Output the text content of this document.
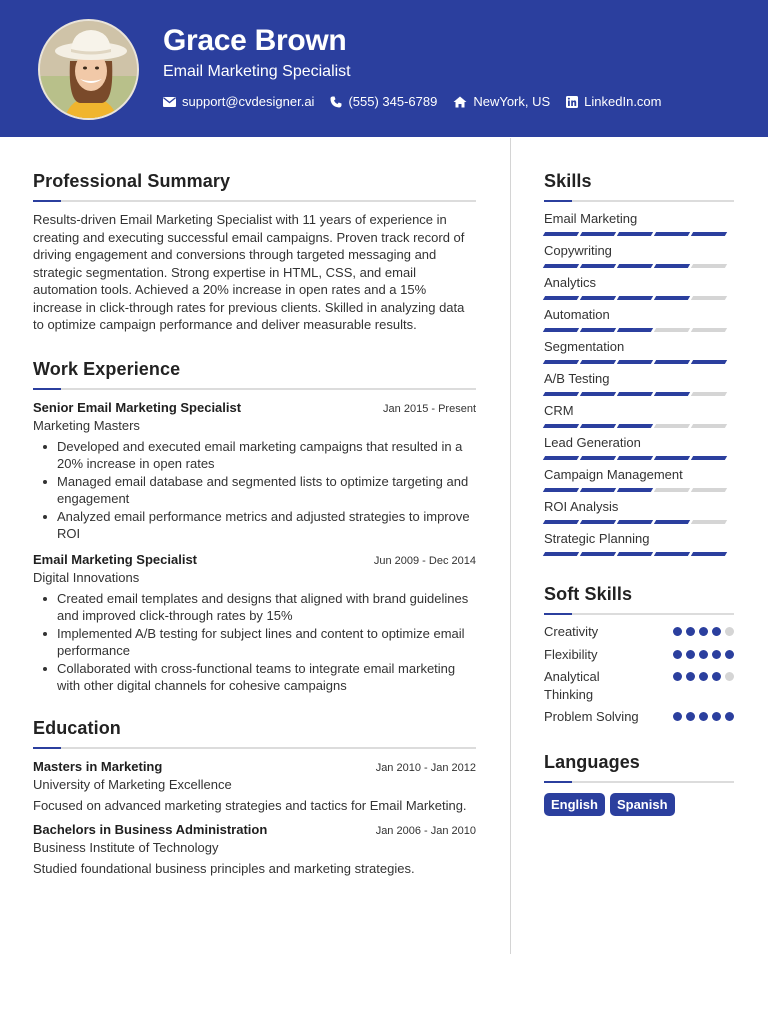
Grace Brown
Email Marketing Specialist
support@cvdesigner.ai	(555) 345-6789	NewYork, US	LinkedIn.com
Professional Summary

Results-driven Email Marketing Specialist with 11 years of experience in creating and executing successful email campaigns. Proven track record of driving engagement and conversions through targeted messaging and strategic segmentation. Strong expertise in HTML, CSS, and email automation tools. Achieved a 20% increase in open rates and a 15% increase in click-through rates for previous clients. Skilled in analyzing data to optimize campaign performance and deliver measurable results.

Work Experience
Senior Email Marketing Specialist	Jan 2015 - Present
Marketing Masters
Developed and executed email marketing campaigns that resulted in a 20% increase in open rates
Managed email database and segmented lists to optimize targeting and engagement
Analyzed email performance metrics and adjusted strategies to improve ROI
Email Marketing Specialist	Jun 2009 - Dec 2014
Digital Innovations
Created email templates and designs that aligned with brand guidelines and improved click-through rates by 15%
Implemented A/B testing for subject lines and content to optimize email performance
Collaborated with cross-functional teams to integrate email marketing with other digital channels for cohesive campaigns
Education
Masters in Marketing	Jan 2010 - Jan 2012
University of Marketing Excellence

Focused on advanced marketing strategies and tactics for Email Marketing.

Bachelors in Business Administration	Jan 2006 - Jan 2010
Business Institute of Technology

Studied foundational business principles and marketing strategies.

Skills
Email Marketing
Copywriting
Analytics
Automation
Segmentation
A/B Testing
CRM
Lead Generation
Campaign Management
ROI Analysis
Strategic Planning
Soft Skills
Creativity
Flexibility
Analytical Thinking
Problem Solving
Languages
English	Spanish
